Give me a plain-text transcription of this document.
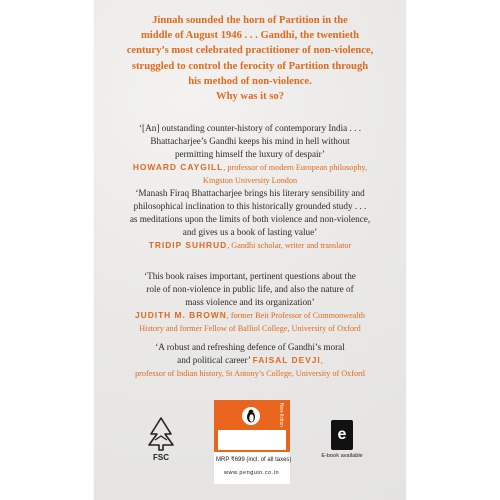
Jinnah sounded the horn of Partition in the
middle of August 1946 . . . Gandhi, the twentieth
century’s most celebrated practitioner of non-violence,
struggled to control the ferocity of Partition through
his method of non-violence.
Why was it so?
‘[An] outstanding counter-history of contemporary India . . .
Bhattacharjee’s Gandhi keeps his mind in hell without
permitting himself the luxury of despair’
HOWARD CAYGILL, professor of modern European philosophy,
Kingston University London
‘Manash Firaq Bhattacharjee brings his literary sensibility and
philosophical inclination to this historically grounded study . . .
as meditations upon the limits of both violence and non-violence,
and gives us a book of lasting value’
TRIDIP SUHRUD, Gandhi scholar, writer and translator
‘This book raises important, pertinent questions about the
role of non-violence in public life, and also the nature of
mass violence and its organization’
JUDITH M. BROWN, former Beit Professor of Commonwealth
History and former Fellow of Balliol College, University of Oxford
‘A robust and refreshing defence of Gandhi’s moral
and political career’ FAISAL DEVJI,
professor of Indian history, St Antony’s College, University of Oxford
FSC
Non-fiction
MRP ₹699 (incl. of all taxes)
www.penguin.co.in
e
E-book available
